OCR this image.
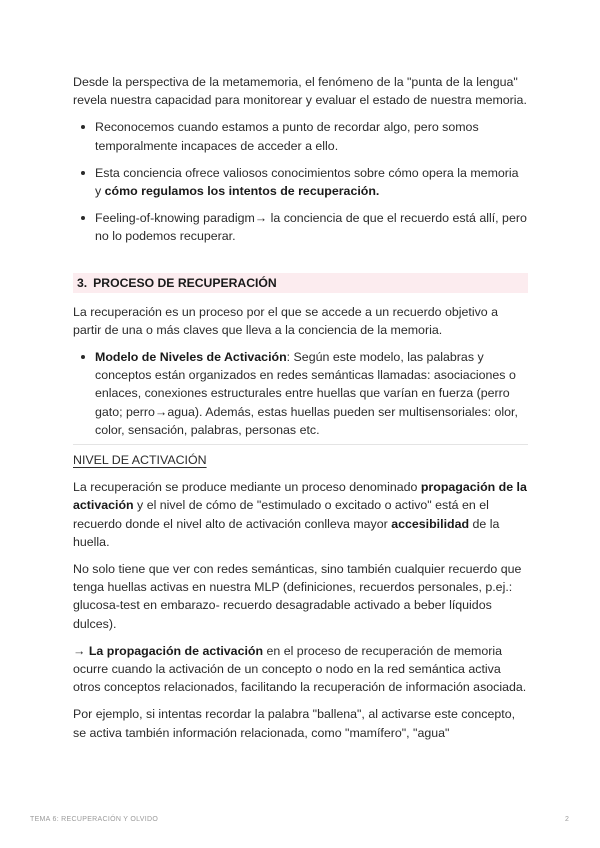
Desde la perspectiva de la metamemoria, el fenómeno de la "punta de la lengua" revela nuestra capacidad para monitorear y evaluar el estado de nuestra memoria.

Reconocemos cuando estamos a punto de recordar algo, pero somos temporalmente incapaces de acceder a ello.
Esta conciencia ofrece valiosos conocimientos sobre cómo opera la memoria y cómo regulamos los intentos de recuperación.
Feeling-of-knowing paradigm→ la conciencia de que el recuerdo está allí, pero no lo podemos recuperar.
3. PROCESO DE RECUPERACIÓN

La recuperación es un proceso por el que se accede a un recuerdo objetivo a partir de una o más claves que lleva a la conciencia de la memoria.

Modelo de Niveles de Activación: Según este modelo, las palabras y conceptos están organizados en redes semánticas llamadas: asociaciones o enlaces, conexiones estructurales entre huellas que varían en fuerza (perro gato; perro→agua). Además, estas huellas pueden ser multisensoriales: olor, color, sensación, palabras, personas etc.

NIVEL DE ACTIVACIÓN

La recuperación se produce mediante un proceso denominado propagación de la activación y el nivel de cómo de "estimulado o excitado o activo" está en el recuerdo donde el nivel alto de activación conlleva mayor accesibilidad de la huella.

No solo tiene que ver con redes semánticas, sino también cualquier recuerdo que tenga huellas activas en nuestra MLP (definiciones, recuerdos personales, p.ej.: glucosa-test en embarazo- recuerdo desagradable activado a beber líquidos dulces).

→ La propagación de activación en el proceso de recuperación de memoria ocurre cuando la activación de un concepto o nodo en la red semántica activa otros conceptos relacionados, facilitando la recuperación de información asociada.

Por ejemplo, si intentas recordar la palabra "ballena", al activarse este concepto, se activa también información relacionada, como "mamífero", "agua"

TEMA 6: RECUPERACIÓN Y OLVIDO	2
